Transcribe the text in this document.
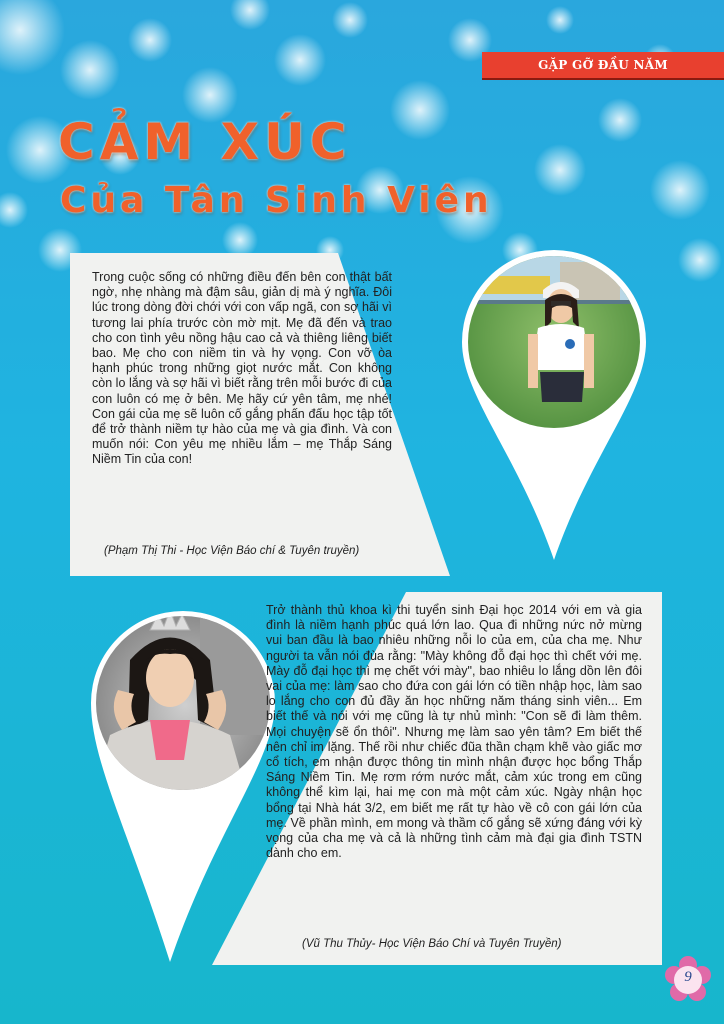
GẶP GỠ ĐẦU NĂM
CẢM XÚC
Của Tân Sinh Viên

Trong cuộc sống có những điều đến bên con thật bất ngờ, nhẹ nhàng mà đậm sâu, giản dị mà ý nghĩa. Đôi lúc trong dòng đời chới với con vấp ngã, con sợ hãi vì tương lai phía trước còn mờ mịt. Mẹ đã đến và trao cho con tình yêu nồng hậu cao cả và thiêng liêng biết bao. Mẹ cho con niềm tin và hy vọng. Con vỡ òa hạnh phúc trong những giọt nước mắt. Con không còn lo lắng và sợ hãi vì biết rằng trên mỗi bước đi của con luôn có mẹ ở bên. Mẹ hãy cứ yên tâm, mẹ nhé! Con gái của mẹ sẽ luôn cố gắng phấn đấu học tập tốt để trở thành niềm tự hào của mẹ và gia đình. Và con muốn nói: Con yêu mẹ nhiều lắm – mẹ Thắp Sáng Niềm Tin của con!

(Phạm Thị Thi - Học Viện Báo chí & Tuyên truyền)

Trở thành thủ khoa kì thi tuyển sinh Đại học 2014 với em và gia đình là niềm hạnh phúc quá lớn lao. Qua đi những nức nở mừng vui ban đầu là bao nhiêu những nỗi lo của em, của cha mẹ. Như người ta vẫn nói đùa rằng: "Mày không đỗ đại học thì chết với mẹ. Mày đỗ đại học thì mẹ chết với mày", bao nhiêu lo lắng dồn lên đôi vai của mẹ: làm sao cho đứa con gái lớn có tiền nhập học, làm sao lo lắng cho con đủ đầy ăn học những năm tháng sinh viên... Em biết thế và nói với mẹ cũng là tự nhủ mình: "Con sẽ đi làm thêm. Mọi chuyện sẽ ổn thôi". Nhưng mẹ làm sao yên tâm? Em biết thế nên chỉ im lặng. Thế rồi như chiếc đũa thần chạm khẽ vào giấc mơ cổ tích, em nhận được thông tin mình nhận được học bổng Thắp Sáng Niềm Tin. Mẹ rơm rớm nước mắt, cảm xúc trong em cũng không thể kìm lại, hai mẹ con mà một cảm xúc. Ngày nhận học bổng tại Nhà hát 3/2, em biết mẹ rất tự hào về cô con gái lớn của mẹ. Về phần mình, em mong và thầm cố gắng sẽ xứng đáng với kỳ vọng của cha mẹ và cả là những tình cảm mà đại gia đình TSTN dành cho em.

(Vũ Thu Thủy- Học Viện Báo Chí và Tuyên Truyền)

9
